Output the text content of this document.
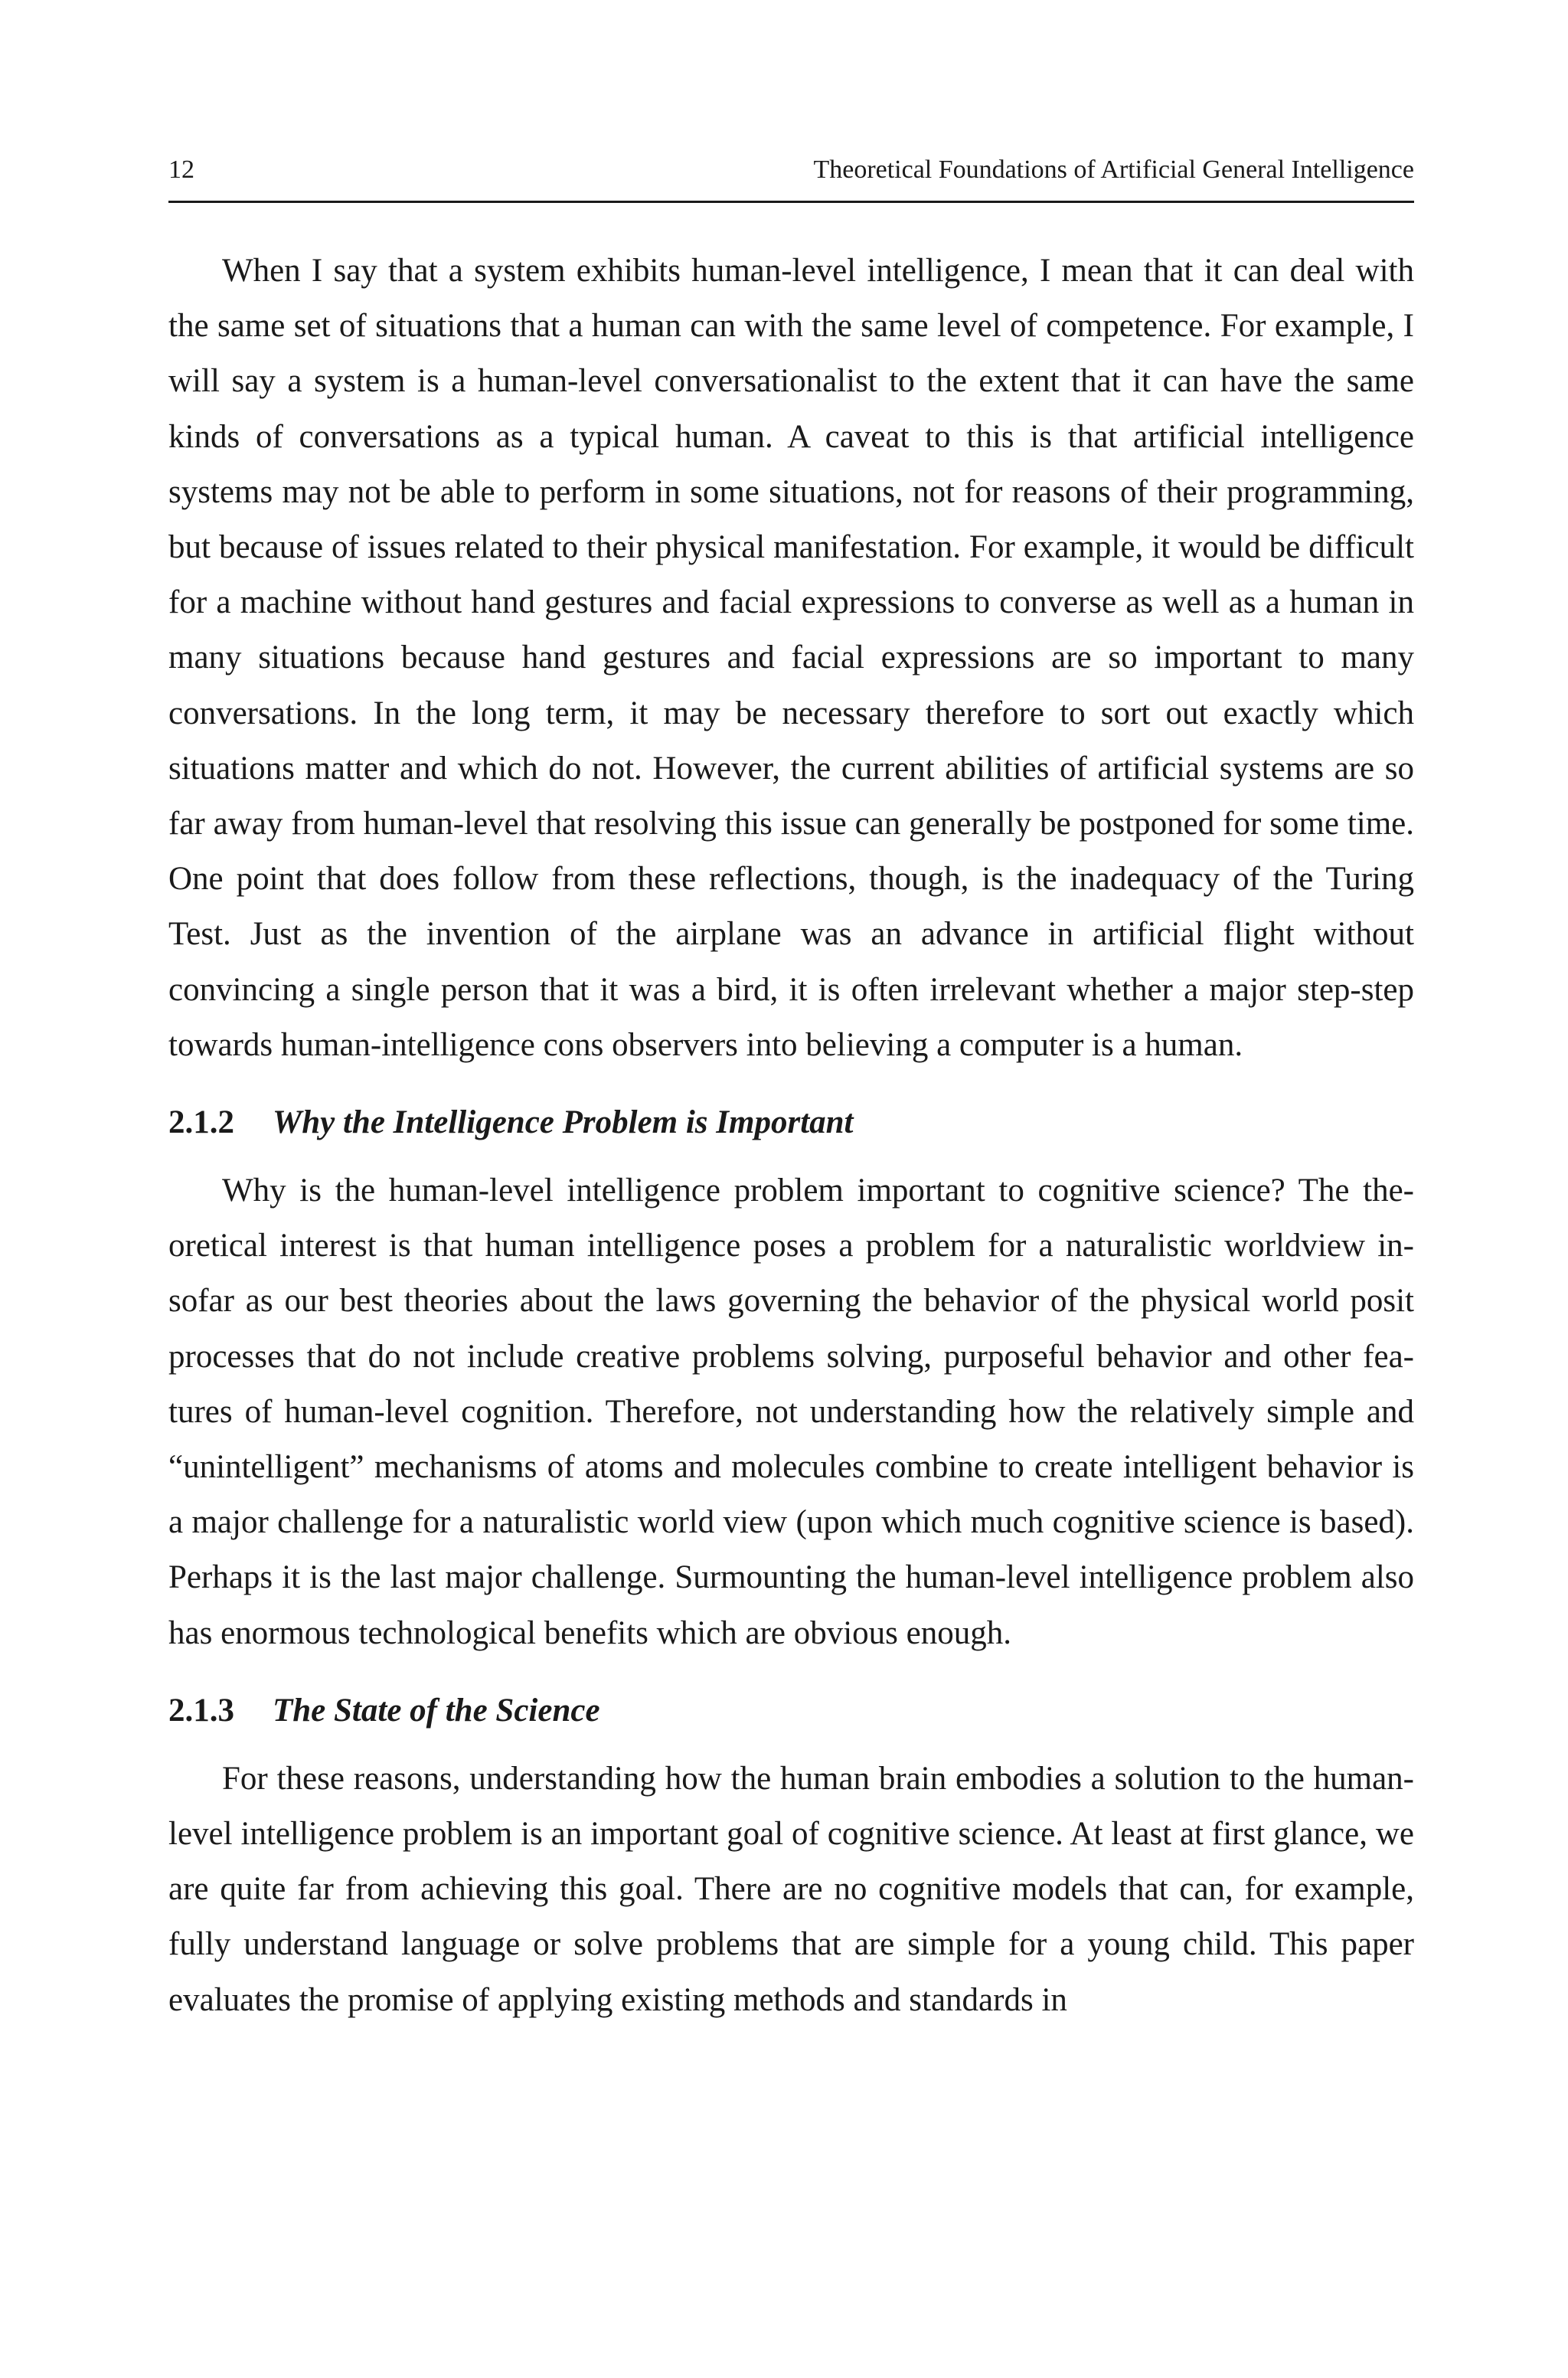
12	Theoretical Foundations of Artificial General Intelligence

When I say that a system exhibits human-level intelligence, I mean that it can deal with the same set of situations that a human can with the same level of competence. For example, I will say a system is a human-level conversationalist to the extent that it can have the same kinds of conversations as a typical human. A caveat to this is that artificial intelligence systems may not be able to perform in some situations, not for reasons of their programming, but because of issues related to their physical manifestation. For example, it would be difficult for a machine without hand gestures and facial expressions to converse as well as a human in many situations because hand gestures and facial expressions are so important to many conversations. In the long term, it may be necessary therefore to sort out exactly which situations matter and which do not. However, the current abilities of artificial systems are so far away from human-level that resolving this issue can generally be postponed for some time. One point that does follow from these reflections, though, is the inadequacy of the Turing Test. Just as the invention of the airplane was an advance in artificial flight without convincing a single person that it was a bird, it is often irrelevant whether a major step-step towards human-intelligence cons observers into believing a computer is a human.

2.1.2 Why the Intelligence Problem is Important

Why is the human-level intelligence problem important to cognitive science? The theoretical interest is that human intelligence poses a problem for a naturalistic worldview insofar as our best theories about the laws governing the behavior of the physical world posit processes that do not include creative problems solving, purposeful behavior and other features of human-level cognition. Therefore, not understanding how the relatively simple and “unintelligent” mechanisms of atoms and molecules combine to create intelligent behavior is a major challenge for a naturalistic world view (upon which much cognitive science is based). Perhaps it is the last major challenge. Surmounting the human-level intelligence problem also has enormous technological benefits which are obvious enough.

2.1.3 The State of the Science

For these reasons, understanding how the human brain embodies a solution to the human-level intelligence problem is an important goal of cognitive science. At least at first glance, we are quite far from achieving this goal. There are no cognitive models that can, for example, fully understand language or solve problems that are simple for a young child. This paper evaluates the promise of applying existing methods and standards in
